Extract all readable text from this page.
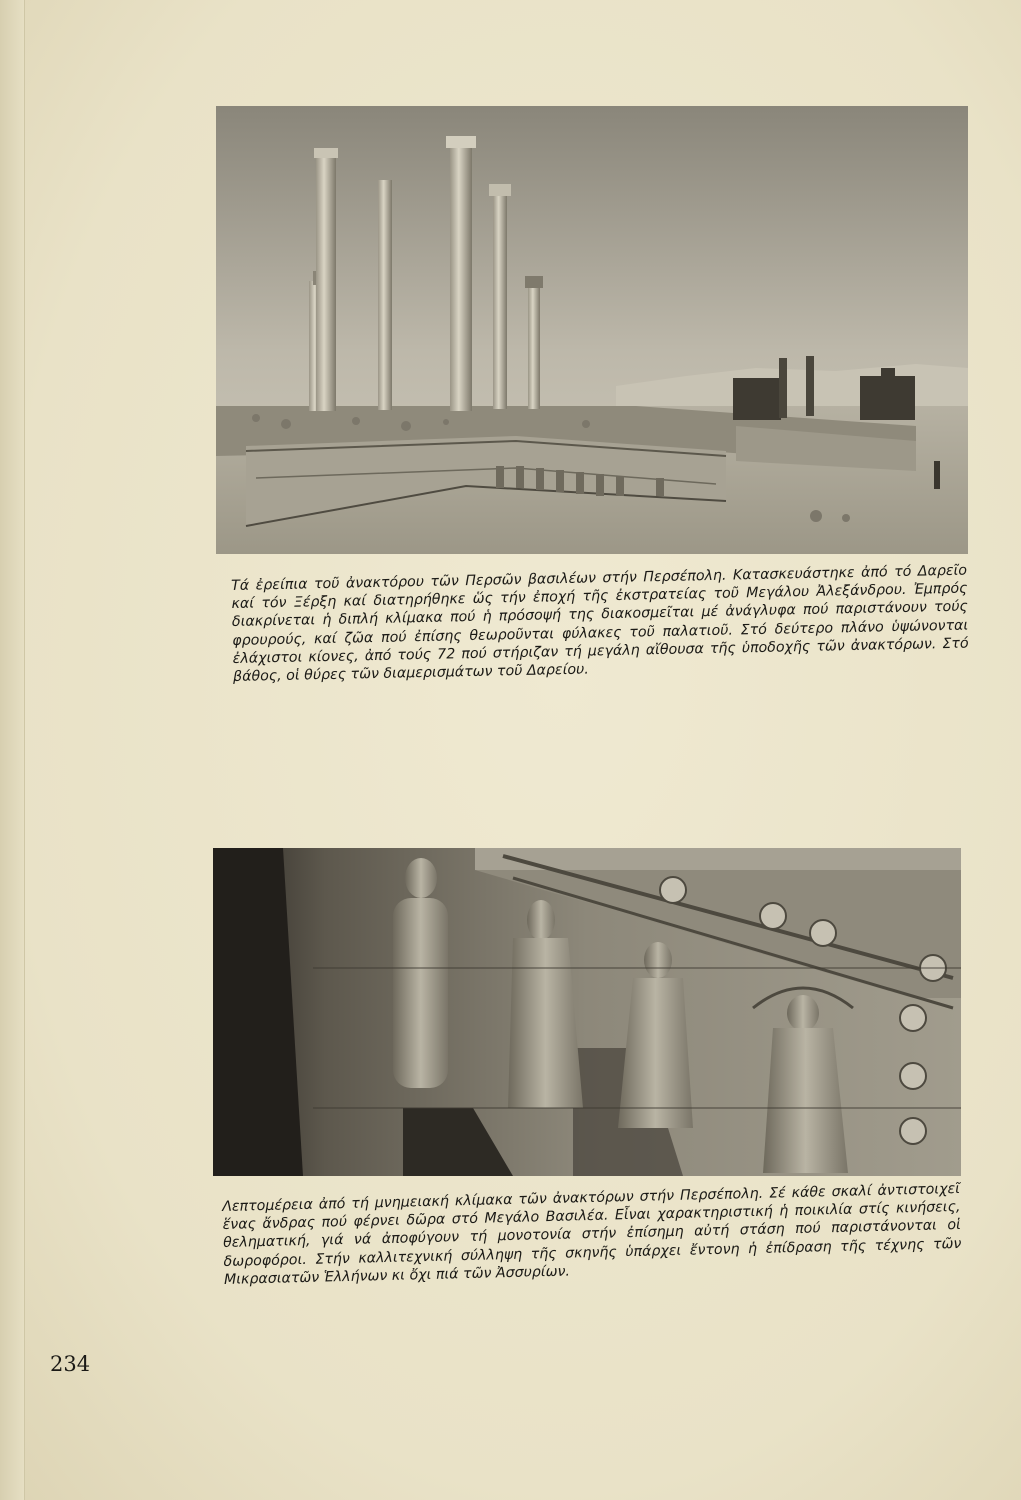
Τά ἐρείπια τοῦ ἀνακτόρου τῶν Περσῶν βασιλέων στήν Περσέπολη. Κατασκευάστηκε ἀπό τό Δαρεῖο καί τόν Ξέρξη καί διατηρήθηκε ὥς τήν ἐποχή τῆς ἐκστρατείας τοῦ Μεγάλου Ἀλεξάνδρου. Ἐμπρός διακρίνεται ἡ διπλή κλίμακα πού ἡ πρόσοψή της διακοσμεῖται μέ ἀνάγλυφα πού παριστάνουν τούς φρουρούς, καί ζῶα πού ἐπίσης θεωροῦνται φύλακες τοῦ παλατιοῦ. Στό δεύτερο πλάνο ὑψώνονται ἐλάχιστοι κίονες, ἀπό τούς 72 πού στήριζαν τή μεγάλη αἴθουσα τῆς ὑποδοχῆς τῶν ἀνακτόρων. Στό βάθος, οἱ θύρες τῶν διαμερισμάτων τοῦ Δαρείου.

Λεπτομέρεια ἀπό τή μνημειακή κλίμακα τῶν ἀνακτόρων στήν Περσέπολη. Σέ κάθε σκαλί ἀντιστοιχεῖ ἕνας ἄνδρας πού φέρνει δῶρα στό Μεγάλο Βασιλέα. Εἶναι χαρακτηριστική ἡ ποικιλία στίς κινήσεις, θεληματική, γιά νά ἀποφύγουν τή μονοτονία στήν ἐπίσημη αὐτή στάση πού παριστάνονται οἱ δωροφόροι. Στήν καλλιτεχνική σύλληψη τῆς σκηνῆς ὑπάρχει ἔντονη ἡ ἐπίδραση τῆς τέχνης τῶν Μικρασιατῶν Ἑλλήνων κι ὄχι πιά τῶν Ἀσσυρίων.

234
